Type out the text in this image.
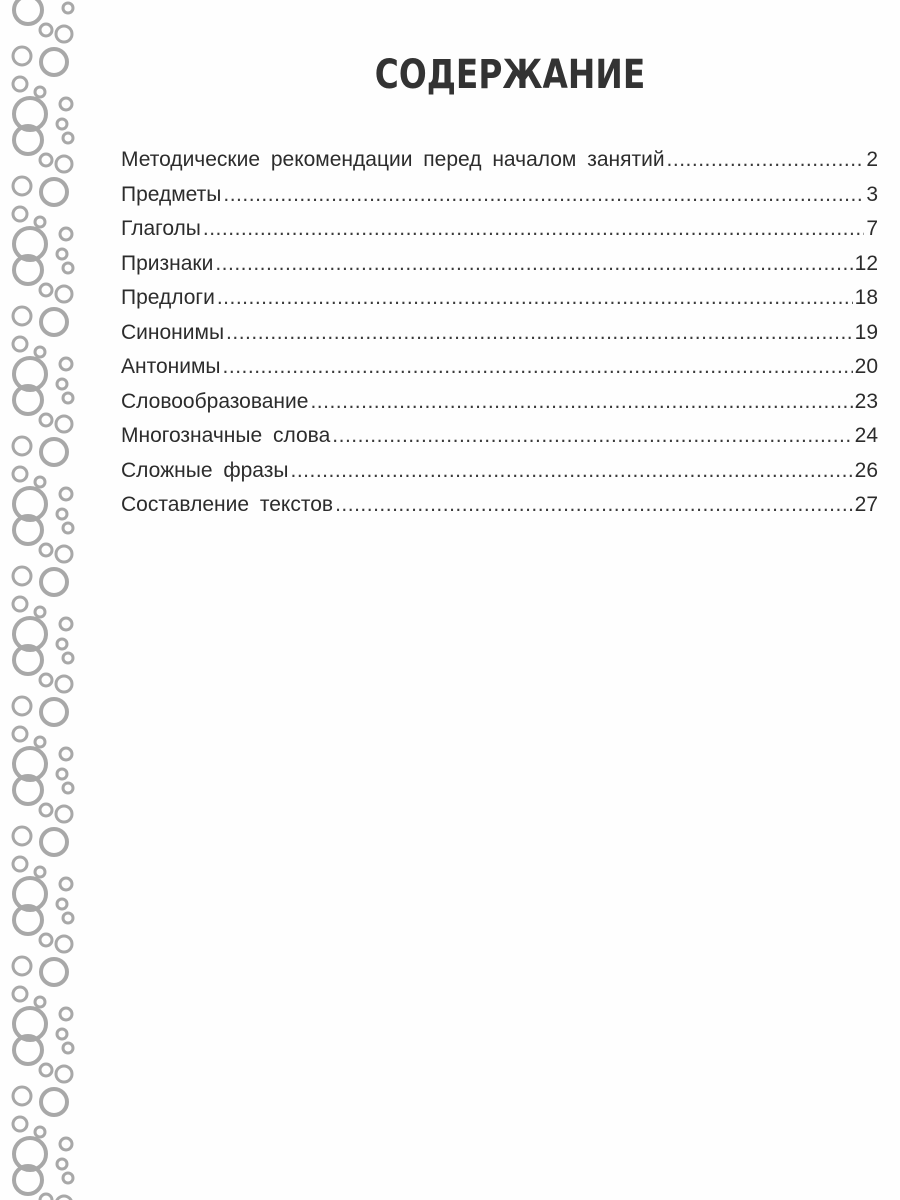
СОДЕРЖАНИЕ
Методические рекомендации перед началом занятий .....	2
Предметы .....	3
Глаголы .....	7
Признаки .....	12
Предлоги .....	18
Синонимы .....	19
Антонимы .....	20
Словообразование .....	23
Многозначные слова .....	24
Сложные фразы .....	26
Составление текстов .....	27
